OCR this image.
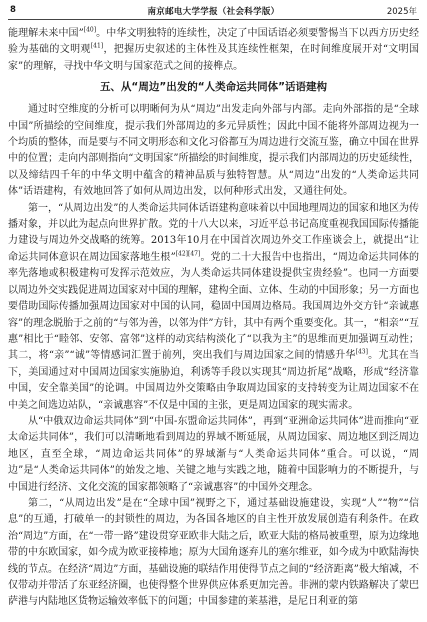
8	南京邮电大学学报（社会科学版）	2025年

能理解未来中国”[40]。中华文明独特的连续性，决定了中国话语必须要警惕当下以西方历史经验为基础的文明观[41]，把握历史叙述的主体性及其连续性框架，在时间维度展开对“文明国家”的理解，寻找中华文明与国家范式之间的接榫点。

五、从“周边”出发的“人类命运共同体”话语建构

通过时空维度的分析可以明晰何为从“周边”出发走向外部与内部。走向外部指的是“全球中国”所描绘的空间维度，提示我们外部周边的多元异质性；因此中国不能将外部周边视为一个均质的整体，而是要与不同文明形态和文化习俗都互为周边进行交流互鉴，确立中国在世界中的位置；走向内部则指向“文明国家”所描绘的时间维度，提示我们内部周边的历史延续性，以及缔结四千年的中华文明中蕴含的精神品质与独特智慧。从“周边”出发的“人类命运共同体”话语建构，有效地回答了如何从周边出发，以何种形式出发，又通往何处。

第一，“从周边出发”的人类命运共同体话语建构意味着以中国地理周边的国家和地区为传播对象，并以此为起点向世界扩散。党的十八大以来，习近平总书记高度重视我国国际传播能力建设与周边外交战略的统筹。2013年10月在中国首次周边外交工作座谈会上，就提出“让命运共同体意识在周边国家落地生根”[42][47]。党的二十大报告中也指出，“周边命运共同体的率先落地或积极建构可发挥示范效应，为人类命运共同体建设提供宝贵经验”。也同一方面要以周边外交实践促进周边国家对中国的理解，建构全面、立体、生动的中国形象；另一方面也要借助国际传播加强周边国家对中国的认同，稳固中国周边格局。我国周边外交方针“亲诚惠容”的理念脱胎于之前的“与邻为善，以邻为伴”方针，其中有两个重要变化。其一，“相亲”“互惠”相比于“睦邻、安邻、富邻”这样的动宾结构淡化了“以我为主”的思维而更加强调互动性；其二，将“亲”“诚”等情感词汇置于前列，突出我们与周边国家之间的情感升华[43]。尤其在当下，美国通过对中国周边国家实施胁迫，利诱等手段以实现其“周边折尾”战略，形成“经济靠中国，安全靠美国”的论调。中国周边外交策略由争取周边国家的支持转变为让周边国家不在中美之间选边站队，“亲诚惠容”不仅是中国的主张，更是周边国家的现实需求。

从“中俄双边命运共同体”到“中国-东盟命运共同体”，再到“亚洲命运共同体”进而推向“亚太命运共同体”，我们可以清晰地看到周边的界域不断延展，从周边国家、周边地区到泛周边地区，直至全球，“周边命运共同体”的界域渐与“人类命运共同体”重合。可以说，“周边”是“人类命运共同体”的始发之地、关键之地与实践之地，随着中国影响力的不断提升，与中国进行经济、文化交流的国家都领略了“亲诚惠容”的中国外交理念。

第二，“从周边出发”是在“全球中国”视野之下，通过基础设施建设，实现“人”“物”“信息”的互通，打破单一的封锁性的周边，为各国各地区的自主性开放发展创造有利条件。在政治“周边”方面，在“一带一路”建设贯穿亚欧非大陆之后，欧亚大陆的格局被重塑，原为边缘地带的中东欧国家，如今成为欧亚接棒地；原为大国角逐弃儿的塞尔维亚，如今成为中欧陆海快线的节点。在经济“周边”方面，基础设施的联结作用使得节点之间的“经济距离”极大缩减，不仅带动并带活了东亚经济圈，也使得整个世界供应体系更加完善。非洲的蒙内铁路解决了蒙巴萨港与内陆地区货物运输效率低下的问题；中国参建的莱基港，是尼日利亚的第
